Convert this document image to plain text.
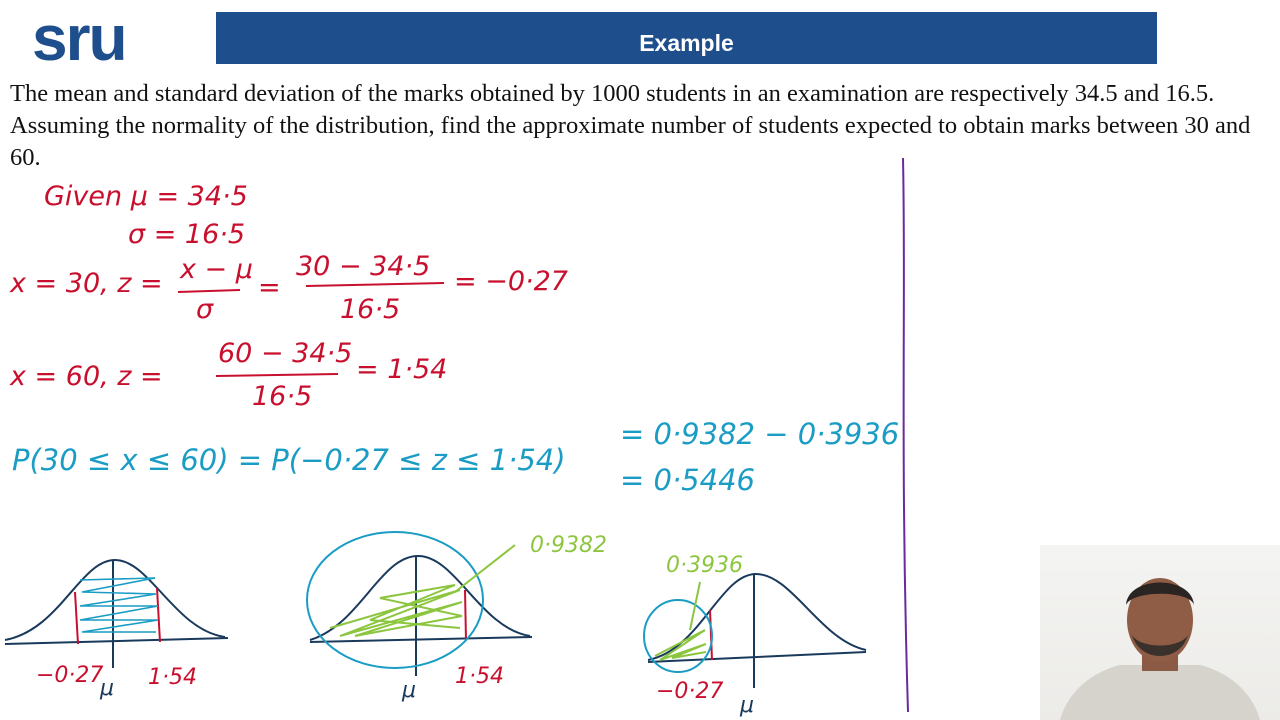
sru	Example

The mean and standard deviation of the marks obtained by 1000 students in an examination are respectively 34.5 and 16.5. Assuming the normality of the distribution, find the approximate number of students expected to obtain marks between 30 and 60.

Given μ = 34·5
σ = 16·5
x = 30, z = x − μ
σ
=
30 − 34·5
16·5
= −0·27
x = 60, z =
60 − 34·5
16·5
= 1·54
P(30 ≤ x ≤ 60) = P(−0·27 ≤ z ≤ 1·54)
= 0·9382 − 0·3936
= 0·5446
−0·27
μ 1·54
0·9382
μ
1·54
0·3936
−0·27
μ
